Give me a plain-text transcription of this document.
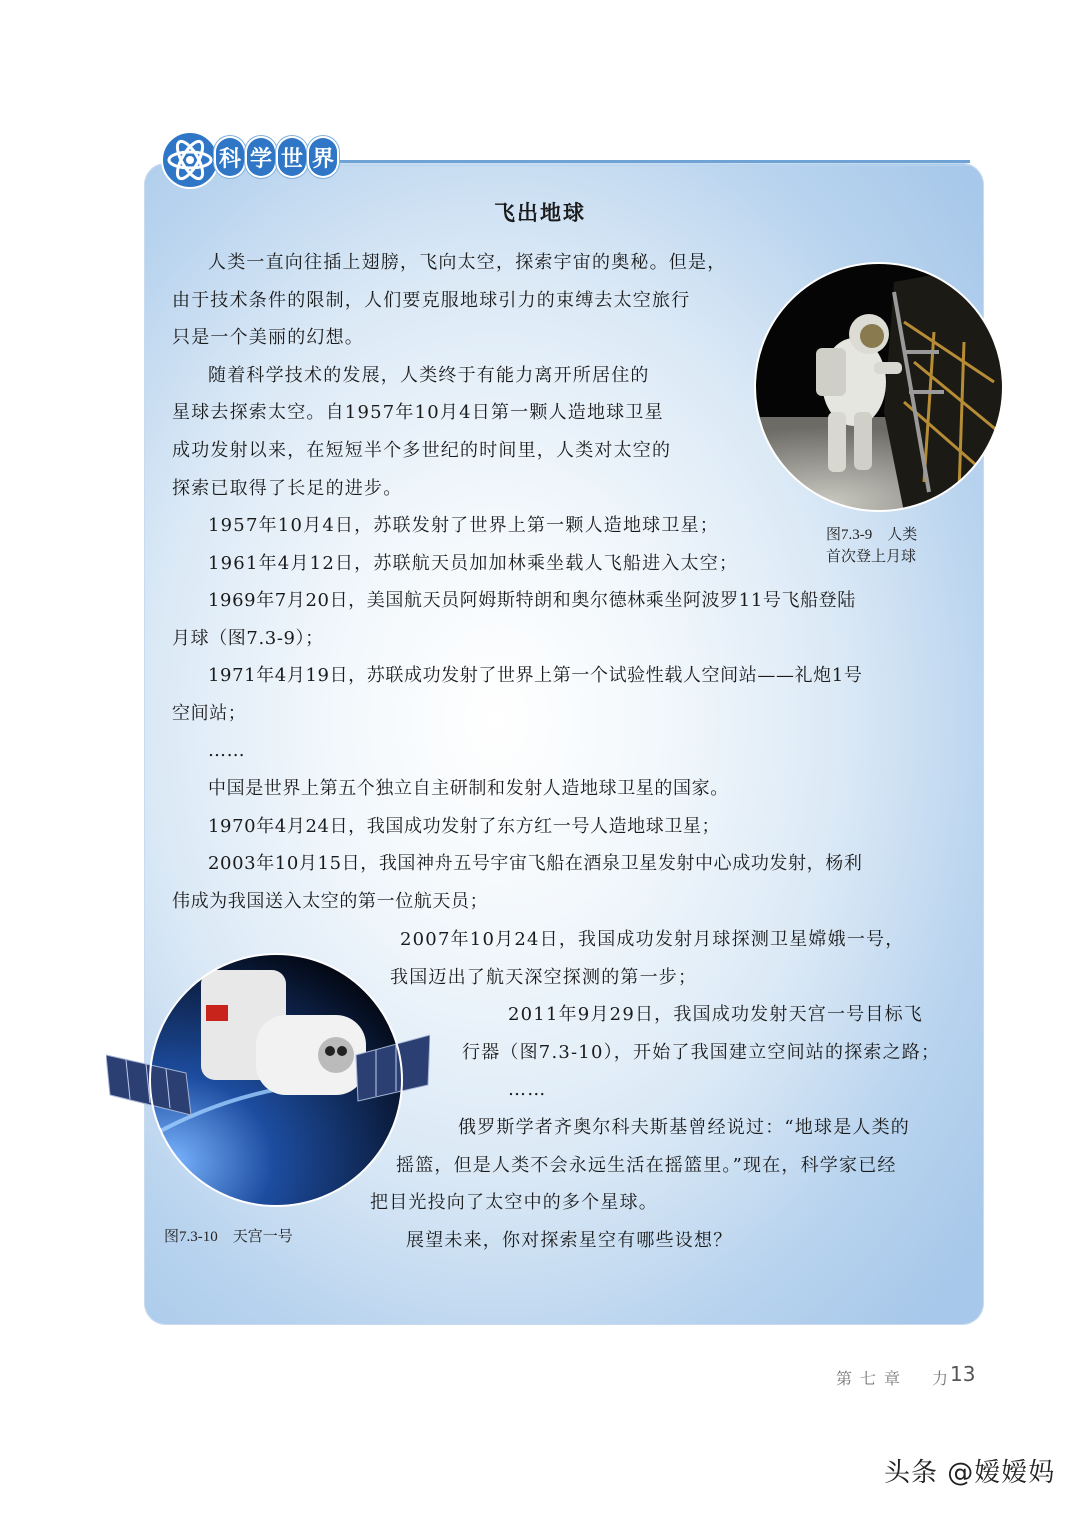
科 学 世 界
飞出地球

人类一直向往插上翅膀，飞向太空，探索宇宙的奥秘。但是，

由于技术条件的限制，人们要克服地球引力的束缚去太空旅行

只是一个美丽的幻想。

随着科学技术的发展，人类终于有能力离开所居住的

星球去探索太空。自1957年10月4日第一颗人造地球卫星

成功发射以来，在短短半个多世纪的时间里，人类对太空的

探索已取得了长足的进步。

1957年10月4日，苏联发射了世界上第一颗人造地球卫星；

1961年4月12日，苏联航天员加加林乘坐载人飞船进入太空；

1969年7月20日，美国航天员阿姆斯特朗和奥尔德林乘坐阿波罗11号飞船登陆

月球（图7.3-9）；

1971年4月19日，苏联成功发射了世界上第一个试验性载人空间站——礼炮1号

空间站；

……

中国是世界上第五个独立自主研制和发射人造地球卫星的国家。

1970年4月24日，我国成功发射了东方红一号人造地球卫星；

2003年10月15日，我国神舟五号宇宙飞船在酒泉卫星发射中心成功发射，杨利

伟成为我国送入太空的第一位航天员；

2007年10月24日，我国成功发射月球探测卫星嫦娥一号，

我国迈出了航天深空探测的第一步；

2011年9月29日，我国成功发射天宫一号目标飞

行器（图7.3-10），开始了我国建立空间站的探索之路；

……

俄罗斯学者齐奥尔科夫斯基曾经说过：“地球是人类的

摇篮，但是人类不会永远生活在摇篮里。”现在，科学家已经

把目光投向了太空中的多个星球。

展望未来，你对探索星空有哪些设想？

图7.3-9　人类
首次登上月球
图7.3-10　天宫一号
第七章　力
13
头条 @嫒嫒妈
